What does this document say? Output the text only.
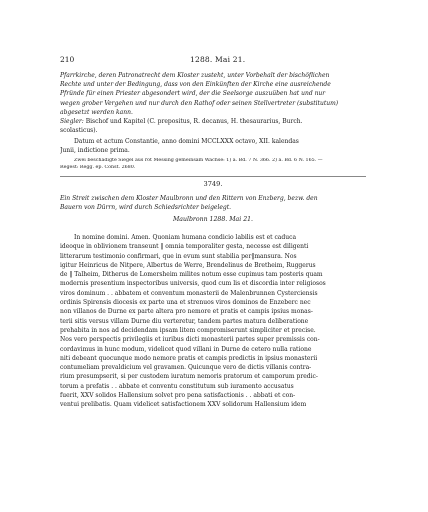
210	1288. Mai 21.
Pfarrkirche, deren Patronatrecht dem Kloster zusteht, unter Vorbehalt der bischöflichen
Rechte und unter der Bedingung, dass von den Einkünften der Kirche eine ausreichende
Pfründe für einen Priester abgesondert wird, der die Seelsorge auszuüben hat und nur
wegen grober Vergehen und nur durch den Rathof oder seinen Stellvertreter (substitutum)
abgesetzt werden kann.
Siegler: Bischof und Kapitel (C. prepositus, R. decanus, H. thesaurarius, Burch.
scolasticus).
Datum et actum Constantie, anno domini MCCLXXX octavo, XII. kalendas
Junii, indictione prima.
Zwei beschädigte Siegel aus rot Messing gemeinsam Wachse: 1) a. Bd. 7 N. 366. 2) a. Bd. 6 N. 165. —
Regest: Regg. ep. Const. 2680.
3749.
Ein Streit zwischen dem Kloster Maulbronn und den Rittern von Enzberg, bezw. den
Bauern von Dürrn, wird durch Schiedsrichter beigelegt.
Maulbronn 1288. Mai 21.
In nomine domini. Amen. Quoniam humana condicio labilis est et caduca
ideoque in oblivionem transeunt ‖ omnia temporaliter gesta, necesse est diligenti
litterarum testimonio confirmari, que in evum sunt stabilia per‖mansura. Nos
igitur Heinricus de Nitpere, Albertus de Werre, Brendelinus de Bretheim, Ruggerus
de ‖ Talheim, Ditherus de Lomersheim milites notum esse cupimus tam posteris quam
modernis presentium inspectoribus universis, quod cum lis et discordia inter religiosos
viros dominum . . abbatem et conventum monasterii de Malenbrunnen Cysterciensis
ordinis Spirensis diocesis ex parte una et strenuos viros dominos de Enzeberc nec
non villanos de Durne ex parte altera pro nemore et pratis et campis ipsius monas-
terii sitis versus villam Durne diu verteretur, tandem partes matura deliberatione
prehabita in nos ad decidendam ipsam litem compromiserunt simpliciter et precise.
Nos vero perspectis privilegiis et iuribus dicti monasterii partes super premissis con-
cordavimus in hunc modum, videlicet quod villani in Durne de cetero nulla ratione
niti debeant quocunque modo nemore pratis et campis predictis in ipsius monasterii
contumeliam prevaldicium vel gravamen. Quicunque vero de dictis villanis contra-
rium presumpserit, si per custodem iuratum nemoris pratorum et camporum predic-
torum a prefatis . . abbate et conventu constitutum sub iuramento accusatus
fuerit, XXV solidos Hallensium solvet pro pena satisfactionis . . abbati et con-
ventui prelibatis. Quam videlicet satisfactionem XXV solidorum Hallensium idem
